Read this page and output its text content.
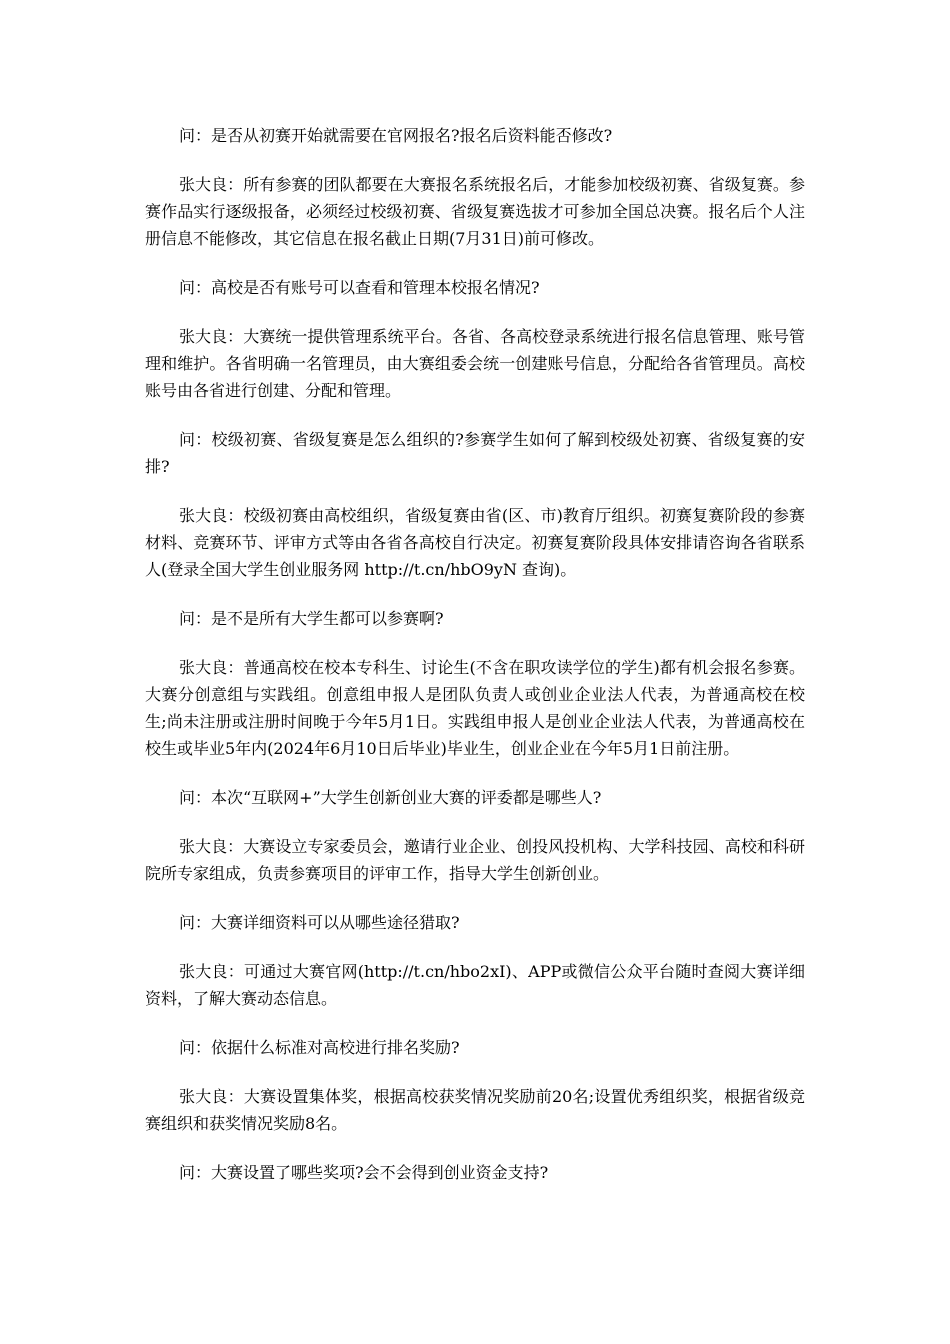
问：是否从初赛开始就需要在官网报名?报名后资料能否修改?

张大良：所有参赛的团队都要在大赛报名系统报名后，才能参加校级初赛、省级复赛。参赛作品实行逐级报备，必须经过校级初赛、省级复赛选拔才可参加全国总决赛。报名后个人注册信息不能修改，其它信息在报名截止日期(7月31日)前可修改。

问：高校是否有账号可以查看和管理本校报名情况?

张大良：大赛统一提供管理系统平台。各省、各高校登录系统进行报名信息管理、账号管理和维护。各省明确一名管理员，由大赛组委会统一创建账号信息，分配给各省管理员。高校账号由各省进行创建、分配和管理。

问：校级初赛、省级复赛是怎么组织的?参赛学生如何了解到校级处初赛、省级复赛的安排?

张大良：校级初赛由高校组织，省级复赛由省(区、市)教育厅组织。初赛复赛阶段的参赛材料、竞赛环节、评审方式等由各省各高校自行决定。初赛复赛阶段具体安排请咨询各省联系人(登录全国大学生创业服务网 http://t.cn/hbO9yN 查询)。

问：是不是所有大学生都可以参赛啊?

张大良：普通高校在校本专科生、讨论生(不含在职攻读学位的学生)都有机会报名参赛。大赛分创意组与实践组。创意组申报人是团队负责人或创业企业法人代表，为普通高校在校生;尚未注册或注册时间晚于今年5月1日。实践组申报人是创业企业法人代表，为普通高校在校生或毕业5年内(2024年6月10日后毕业)毕业生，创业企业在今年5月1日前注册。

问：本次“互联网+”大学生创新创业大赛的评委都是哪些人?

张大良：大赛设立专家委员会，邀请行业企业、创投风投机构、大学科技园、高校和科研院所专家组成，负责参赛项目的评审工作，指导大学生创新创业。

问：大赛详细资料可以从哪些途径猎取?

张大良：可通过大赛官网(http://t.cn/hbo2xI)、APP或微信公众平台随时查阅大赛详细资料，了解大赛动态信息。

问：依据什么标准对高校进行排名奖励?

张大良：大赛设置集体奖，根据高校获奖情况奖励前20名;设置优秀组织奖，根据省级竞赛组织和获奖情况奖励8名。

问：大赛设置了哪些奖项?会不会得到创业资金支持?
